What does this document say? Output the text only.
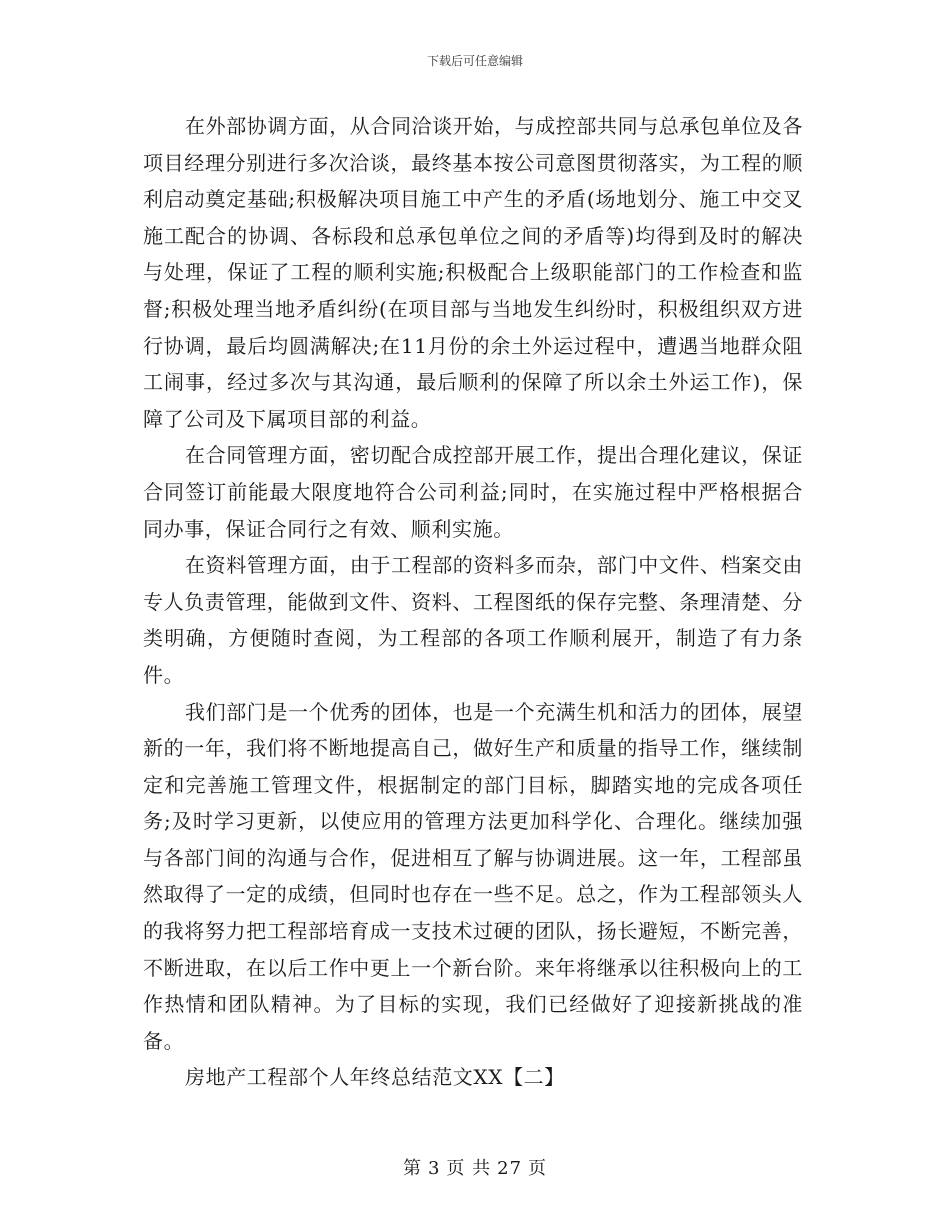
下载后可任意编辑

在外部协调方面，从合同洽谈开始，与成控部共同与总承包单位及各项目经理分别进行多次洽谈，最终基本按公司意图贯彻落实，为工程的顺利启动奠定基础;积极解决项目施工中产生的矛盾(场地划分、施工中交叉施工配合的协调、各标段和总承包单位之间的矛盾等)均得到及时的解决与处理，保证了工程的顺利实施;积极配合上级职能部门的工作检查和监督;积极处理当地矛盾纠纷(在项目部与当地发生纠纷时，积极组织双方进行协调，最后均圆满解决;在11月份的余土外运过程中，遭遇当地群众阻工闹事，经过多次与其沟通，最后顺利的保障了所以余土外运工作)，保障了公司及下属项目部的利益。

在合同管理方面，密切配合成控部开展工作，提出合理化建议，保证合同签订前能最大限度地符合公司利益;同时，在实施过程中严格根据合同办事，保证合同行之有效、顺利实施。

在资料管理方面，由于工程部的资料多而杂，部门中文件、档案交由专人负责管理，能做到文件、资料、工程图纸的保存完整、条理清楚、分类明确，方便随时查阅，为工程部的各项工作顺利展开，制造了有力条件。

我们部门是一个优秀的团体，也是一个充满生机和活力的团体，展望新的一年，我们将不断地提高自己，做好生产和质量的指导工作，继续制定和完善施工管理文件，根据制定的部门目标，脚踏实地的完成各项任务;及时学习更新，以使应用的管理方法更加科学化、合理化。继续加强与各部门间的沟通与合作，促进相互了解与协调进展。这一年，工程部虽然取得了一定的成绩，但同时也存在一些不足。总之，作为工程部领头人的我将努力把工程部培育成一支技术过硬的团队，扬长避短，不断完善，不断进取，在以后工作中更上一个新台阶。来年将继承以往积极向上的工作热情和团队精神。为了目标的实现，我们已经做好了迎接新挑战的准备。

房地产工程部个人年终总结范文XX【二】

第 3 页 共 27 页
